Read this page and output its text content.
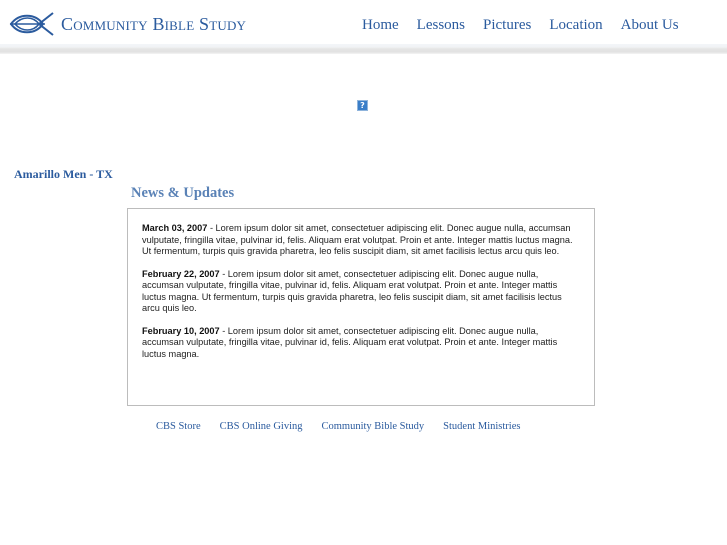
Community Bible Study	Home Lessons Pictures Location About Us
?
Amarillo Men - TX
News & Updates

March 03, 2007 - Lorem ipsum dolor sit amet, consectetuer adipiscing elit. Donec augue nulla, accumsan vulputate, fringilla vitae, pulvinar id, felis. Aliquam erat volutpat. Proin et ante. Integer mattis luctus magna. Ut fermentum, turpis quis gravida pharetra, leo felis suscipit diam, sit amet facilisis lectus arcu quis leo.

February 22, 2007 - Lorem ipsum dolor sit amet, consectetuer adipiscing elit. Donec augue nulla, accumsan vulputate, fringilla vitae, pulvinar id, felis. Aliquam erat volutpat. Proin et ante. Integer mattis luctus magna. Ut fermentum, turpis quis gravida pharetra, leo felis suscipit diam, sit amet facilisis lectus arcu quis leo.

February 10, 2007 - Lorem ipsum dolor sit amet, consectetuer adipiscing elit. Donec augue nulla, accumsan vulputate, fringilla vitae, pulvinar id, felis. Aliquam erat volutpat. Proin et ante. Integer mattis luctus magna.

CBS Store CBS Online Giving Community Bible Study Student Ministries
